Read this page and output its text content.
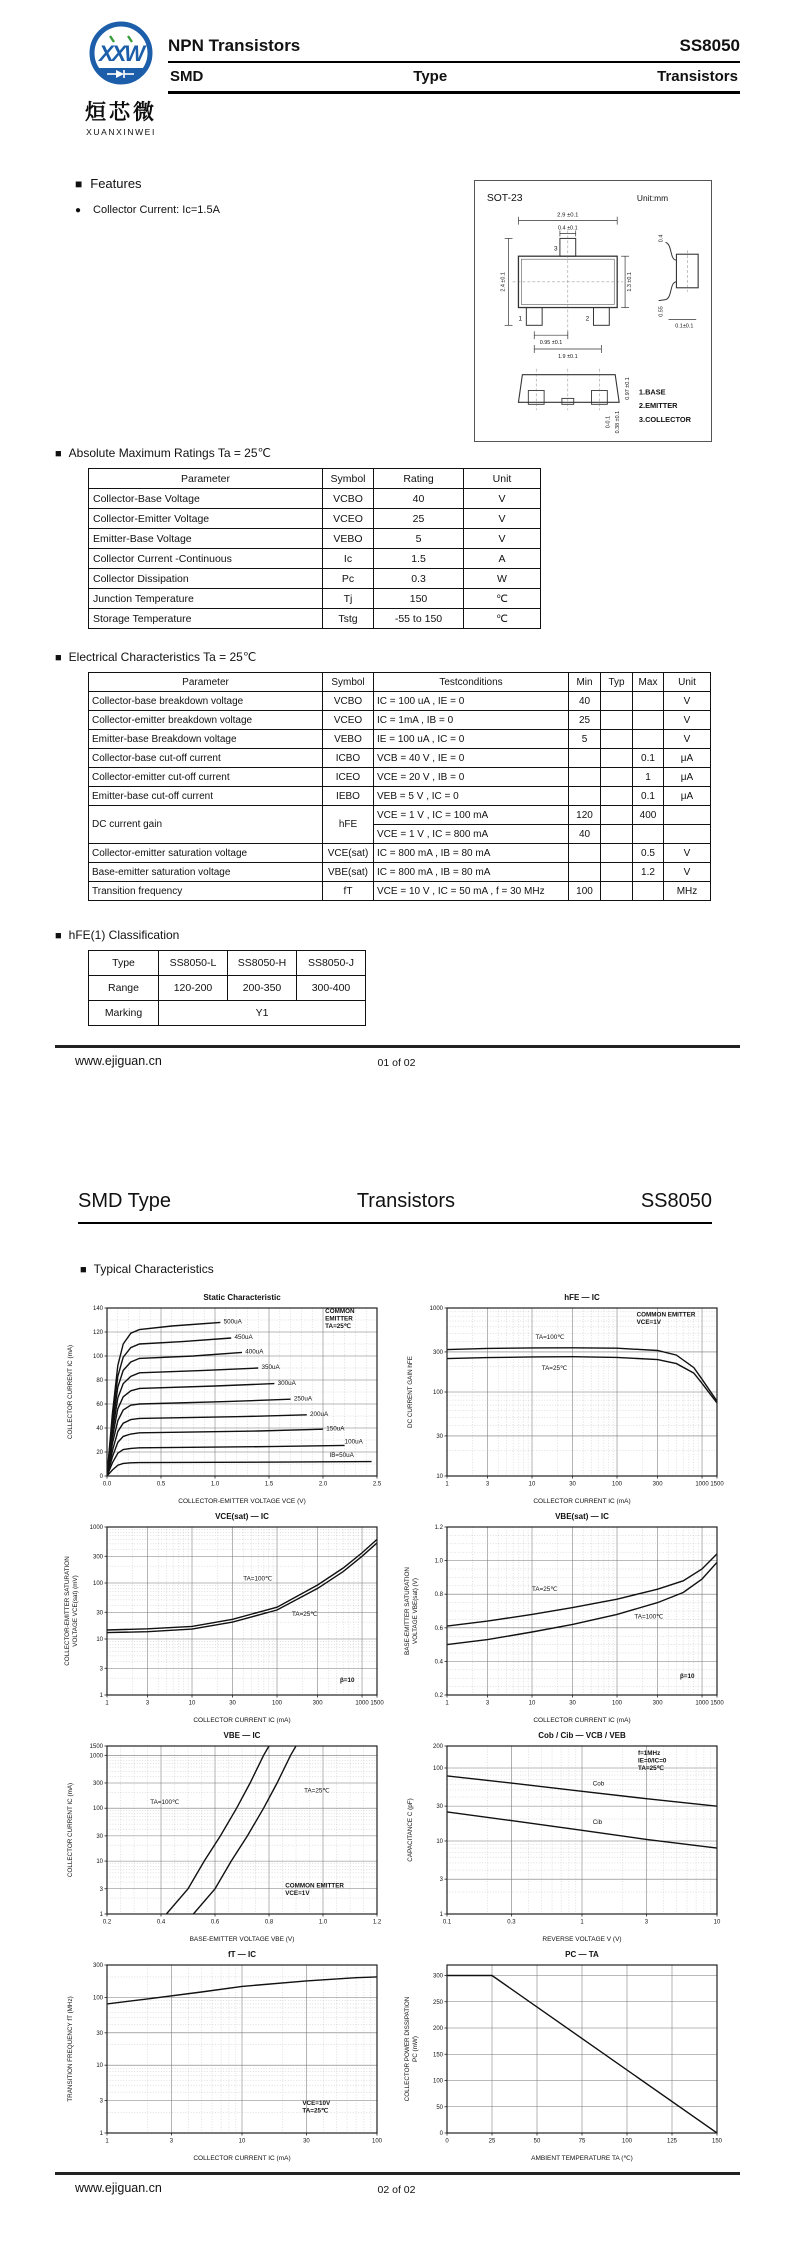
XXW
烜芯微
XUANXINWEI
NPN Transistors	SS8050
SMD	Type	Transistors
■ Features
● Collector Current: Ic=1.5A
SOT-23	Unit:mm
2.9 ±0.1
0.4 ±0.1
3
1	2
2.4 ±0.1	1.3 ±0.1
0.95 ±0.1
1.9 ±0.1
0.4
0.55
0.1±0.1
0.97 ±0.1
0.38 ±0.1
0-0.1
1.BASE
2.EMITTER
3.COLLECTOR
■ Absolute Maximum Ratings Ta = 25℃
Parameter	Symbol	Rating	Unit
Collector-Base Voltage	VCBO	40	V
Collector-Emitter Voltage	VCEO	25	V
Emitter-Base Voltage	VEBO	5	V
Collector Current -Continuous	Ic	1.5	A
Collector Dissipation	Pc	0.3	W
Junction Temperature	Tj	150	℃
Storage Temperature	Tstg	-55 to 150	℃
■ Electrical Characteristics Ta = 25℃
Parameter	Symbol	Testconditions	Min	Typ	Max	Unit
Collector-base breakdown voltage	VCBO	IC = 100 uA , IE = 0	40			V
Collector-emitter breakdown voltage	VCEO	IC = 1mA , IB = 0	25			V
Emitter-base Breakdown voltage	VEBO	IE = 100 uA , IC = 0	5			V
Collector-base cut-off current	ICBO	VCB = 40 V , IE = 0			0.1	μA
Collector-emitter cut-off current	ICEO	VCE = 20 V , IB = 0			1	μA
Emitter-base cut-off current	IEBO	VEB = 5 V , IC = 0			0.1	μA
DC current gain	hFE	VCE = 1 V , IC = 100 mA	120		400	
		VCE = 1 V , IC = 800 mA	40			
Collector-emitter saturation voltage	VCE(sat)	IC = 800 mA , IB = 80 mA			0.5	V
Base-emitter saturation voltage	VBE(sat)	IC = 800 mA , IB = 80 mA			1.2	V
Transition frequency	fT	VCE = 10 V , IC = 50 mA , f = 30 MHz	100			MHz
■ hFE(1) Classification
Type	SS8050-L	SS8050-H	SS8050-J
Range	120-200	200-350	300-400
Marking	Y1		
www.ejiguan.cn	01 of 02
SMD Type	Transistors	SS8050
■ Typical Characteristics
0.0	0.5	1.0	1.5	2.0	2.5
0
20
40
60
80
100
120
140
Static Characteristic
COLLECTOR-EMITTER VOLTAGE VCE (V)
COLLECTOR CURRENT IC (mA)
500uA
450uA
400uA
350uA
300uA
250uA
200uA
150uA
100uA
IB=50uA
COMMON EMITTER TA=25℃
1	3	10	30	100	300	1000 1500
10
30
100
300
1000
hFE — IC
COLLECTOR CURRENT IC (mA)
DC CURRENT GAIN hFE
TA=100℃
TA=25℃
COMMON EMITTER VCE=1V
1	3	10	30	100	300	1000 1500
1
3
10
30
100
300
1000
VCE(sat) — IC
COLLECTOR CURRENT IC (mA)
COLLECTOR-EMITTER SATURATION VOLTAGE VCE(sat) (mV)	TA=100℃
TA=25℃
β=10
1	3	10	30	100	300	1000 1500
0.2
0.4
0.6
0.8
1.0
1.2
VBE(sat) — IC
COLLECTOR CURRENT IC (mA)
BASE-EMITTER SATURATION VOLTAGE VBE(sat) (V)	TA=25℃
TA=100℃
β=10
0.2	0.4	0.6	0.8	1.0	1.2
1
3
10
30
100
300
1000
1500
VBE — IC
BASE-EMITTER VOLTAGE VBE (V)
COLLECTOR CURRENT IC (mA)	TA=100℃
TA=25℃
COMMON EMITTER VCE=1V
0.1	0.3	1	3	10
1
3
10
30
100
200
Cob / Cib — VCB / VEB
REVERSE VOLTAGE V (V)
CAPACITANCE C (pF)
Cob
Cib
f=1MHz IE=0/IC=0 TA=25℃
1	3	10	30	100
1
3
10
30
100
300
fT — IC
COLLECTOR CURRENT IC (mA)
TRANSITION FREQUENCY fT (MHz)
VCE=10V TA=25℃
0	25	50	75	100	125	150
0
50
100
150
200
250
300
PC — TA
AMBIENT TEMPERATURE TA (℃)
COLLECTOR POWER DISSIPATION PC (mW)
www.ejiguan.cn	02 of 02
